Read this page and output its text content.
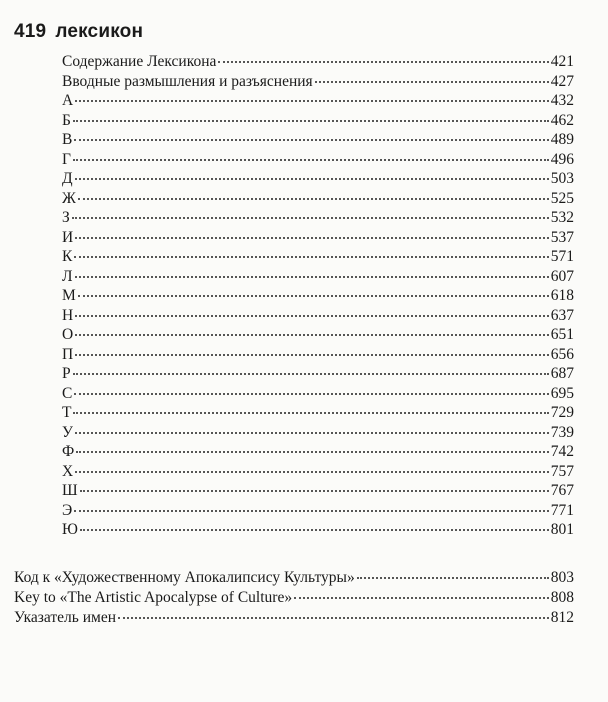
419 лексикон
Содержание Лексикона	421
Вводные размышления и разъяснения	427
А	432
Б	462
В	489
Г	496
Д	503
Ж	525
З	532
И	537
К	571
Л	607
М	618
Н	637
О	651
П	656
Р	687
С	695
Т	729
У	739
Ф	742
Х	757
Ш	767
Э	771
Ю	801
Код к «Художественному Апокалипсису Культуры»	803
Key to «The Artistic Apocalypse of Culture»	808
Указатель имен	812
